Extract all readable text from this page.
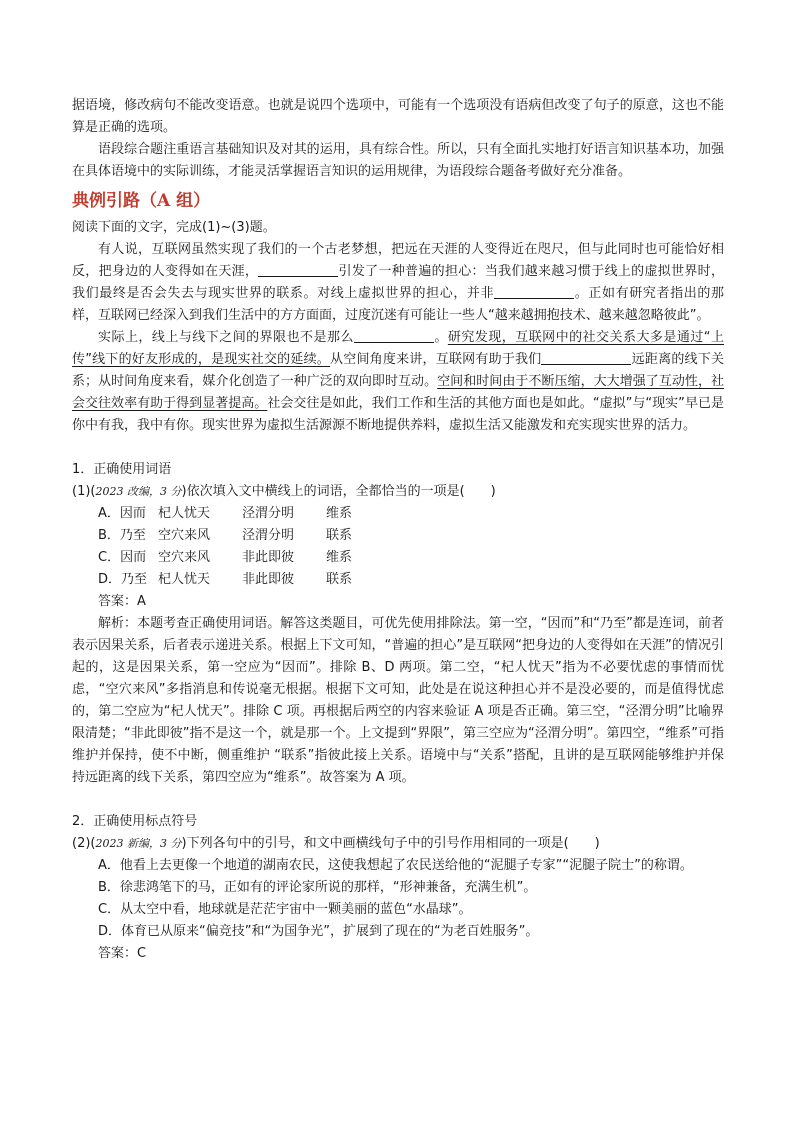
据语境，修改病句不能改变语意。也就是说四个选项中，可能有一个选项没有语病但改变了句子的原意，这也不能算是正确的选项。

语段综合题注重语言基础知识及对其的运用，具有综合性。所以，只有全面扎实地打好语言知识基本功，加强在具体语境中的实际训练，才能灵活掌握语言知识的运用规律，为语段综合题备考做好充分准备。

典例引路（A 组）

阅读下面的文字，完成(1)~(3)题。

有人说，互联网虽然实现了我们的一个古老梦想，把远在天涯的人变得近在咫尺，但与此同时也可能恰好相反，把身边的人变得如在天涯，	引发了一种普遍的担心：当我们越来越习惯于线上的虚拟世界时，我们最终是否会失去与现实世界的联系。对线上虚拟世界的担心，并非	。正如有研究者指出的那样，互联网已经深入到我们生活中的方方面面，过度沉迷有可能让一些人“越来越拥抱技术、越来越忽略彼此”。

实际上，线上与线下之间的界限也不是那么	。研究发现，互联网中的社交关系大多是通过“上传”线下的好友形成的，是现实社交的延续。从空间角度来讲，互联网有助于我们	远距离的线下关系；从时间角度来看，媒介化创造了一种广泛的双向即时互动。空间和时间由于不断压缩，大大增强了互动性，社会交往效率有助于得到显著提高。社会交往是如此，我们工作和生活的其他方面也是如此。“虚拟”与“现实”早已是你中有我，我中有你。现实世界为虚拟生活源源不断地提供养料，虚拟生活又能激发和充实现实世界的活力。

1．正确使用词语

(1)(2023 改编，3 分)依次填入文中横线上的词语，全都恰当的一项是( )

A．因而 杞人忧天 泾渭分明 维系

B．乃至 空穴来风 泾渭分明 联系

C．因而 空穴来风 非此即彼 维系

D．乃至 杞人忧天 非此即彼 联系

答案：A

解析：本题考查正确使用词语。解答这类题目，可优先使用排除法。第一空，“因而”和“乃至”都是连词，前者表示因果关系，后者表示递进关系。根据上下文可知，“普遍的担心”是互联网“把身边的人变得如在天涯”的情况引起的，这是因果关系，第一空应为“因而”。排除 B、D 两项。第二空，“杞人忧天”指为不必要忧虑的事情而忧虑，“空穴来风”多指消息和传说毫无根据。根据下文可知，此处是在说这种担心并不是没必要的，而是值得忧虑的，第二空应为“杞人忧天”。排除 C 项。再根据后两空的内容来验证 A 项是否正确。第三空，“泾渭分明”比喻界限清楚；“非此即彼”指不是这一个，就是那一个。上文提到“界限”，第三空应为“泾渭分明”。第四空，“维系”可指维护并保持，使不中断，侧重维护 “联系”指彼此接上关系。语境中与“关系”搭配，且讲的是互联网能够维护并保持远距离的线下关系，第四空应为“维系”。故答案为 A 项。

2．正确使用标点符号

(2)(2023 新编，3 分)下列各句中的引号，和文中画横线句子中的引号作用相同的一项是( )

A．他看上去更像一个地道的湖南农民，这使我想起了农民送给他的“泥腿子专家”“泥腿子院士”的称谓。

B．徐悲鸿笔下的马，正如有的评论家所说的那样，“形神兼备，充满生机”。

C．从太空中看，地球就是茫茫宇宙中一颗美丽的蓝色“水晶球”。

D．体育已从原来“偏竞技”和“为国争光”，扩展到了现在的“为老百姓服务”。

答案：C
